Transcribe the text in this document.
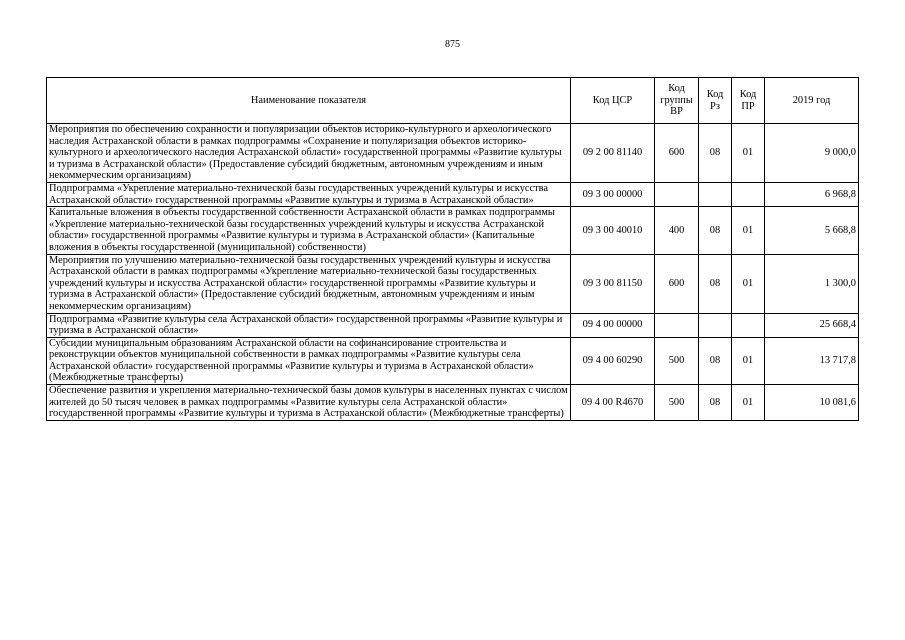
875
Наименование показателя	Код ЦСР	Код группы ВР	Код Рз	Код ПР	2019 год
Мероприятия по обеспечению сохранности и популяризации объектов историко-культурного и археологического наследия Астраханской области в рамках подпрограммы «Сохранение и популяризация объектов историко-культурного и археологического наследия Астраханской области» государственной программы «Развитие культуры и туризма в Астраханской области» (Предоставление субсидий бюджетным, автономным учреждениям и иным некоммерческим организациям)	09 2 00 81140	600	08	01	9 000,0
Подпрограмма «Укрепление материально-технической базы государственных учреждений культуры и искусства Астраханской области» государственной программы «Развитие культуры и туризма в Астраханской области»	09 3 00 00000				6 968,8
Капитальные вложения в объекты государственной собственности Астраханской области в рамках подпрограммы «Укрепление материально-технической базы государственных учреждений культуры и искусства Астраханской области» государственной программы «Развитие культуры и туризма в Астраханской области» (Капитальные вложения в объекты государственной (муниципальной) собственности)	09 3 00 40010	400	08	01	5 668,8
Мероприятия по улучшению материально-технической базы государственных учреждений культуры и искусства Астраханской области в рамках подпрограммы «Укрепление материально-технической базы государственных учреждений культуры и искусства Астраханской области» государственной программы «Развитие культуры и туризма в Астраханской области» (Предоставление субсидий бюджетным, автономным учреждениям и иным некоммерческим организациям)	09 3 00 81150	600	08	01	1 300,0
Подпрограмма «Развитие культуры села Астраханской области» государственной программы «Развитие культуры и туризма в Астраханской области»	09 4 00 00000				25 668,4
Субсидии муниципальным образованиям Астраханской области на софинансирование строительства и реконструкции объектов муниципальной собственности в рамках подпрограммы «Развитие культуры села Астраханской области» государственной программы «Развитие культуры и туризма в Астраханской области» (Межбюджетные трансферты)	09 4 00 60290	500	08	01	13 717,8
Обеспечение развития и укрепления материально-технической базы домов культуры в населенных пунктах с числом жителей до 50 тысяч человек в рамках подпрограммы «Развитие культуры села Астраханской области» государственной программы «Развитие культуры и туризма в Астраханской области» (Межбюджетные трансферты)	09 4 00 R4670	500	08	01	10 081,6
